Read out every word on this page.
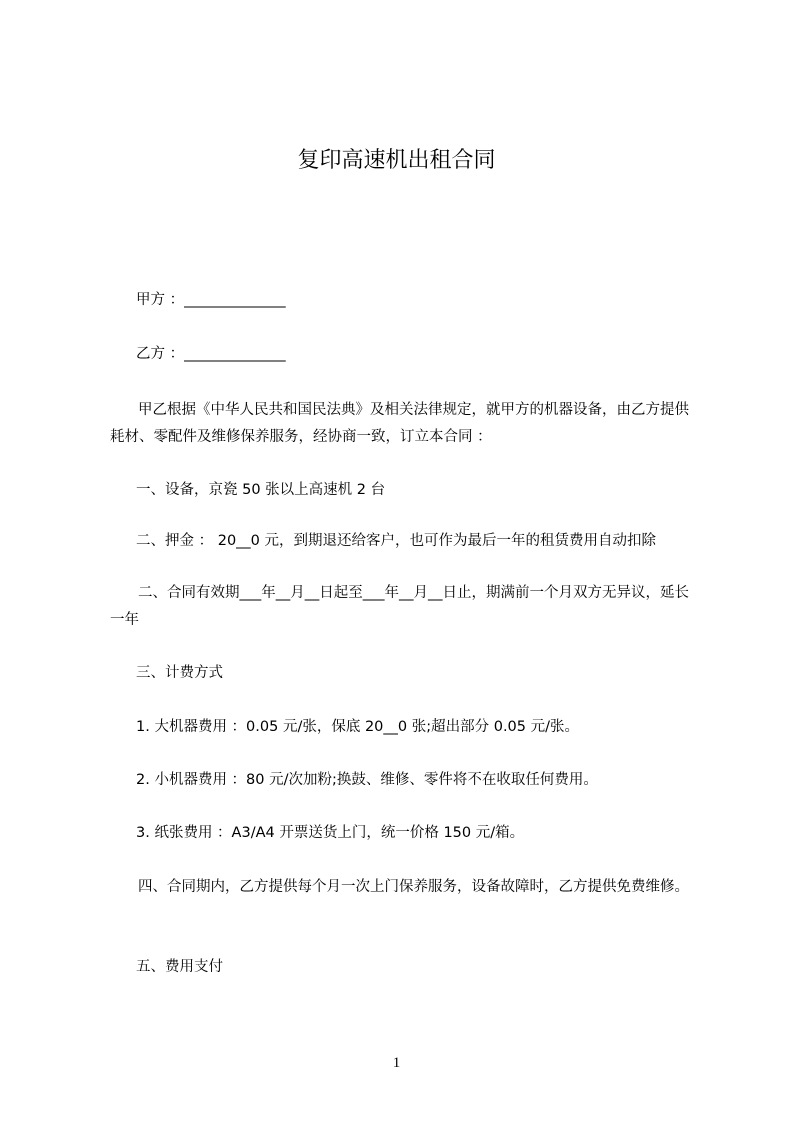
复印高速机出租合同
甲方 ：______________
乙方 ：______________
甲乙根据《中华人民共和国民法典》及相关法律规定，就甲方的机器设备，由乙方提供耗材、零配件及维修保养服务，经协商一致，订立本合同 ：
一、设备，京瓷 50 张以上高速机 2 台
二、押金 ： 20__0 元，到期退还给客户，也可作为最后一年的租赁费用自动扣除
二、合同有效期___年__月__日起至___年__月__日止，期满前一个月双方无异议，延长一年
三、计费方式
1. 大机器费用 ：0.05 元/张，保底 20__0 张;超出部分 0.05 元/张。
2. 小机器费用 ：80 元/次加粉;换鼓、维修、零件将不在收取任何费用。
3. 纸张费用 ：A3/A4 开票送货上门，统一价格 150 元/箱。
四、合同期内，乙方提供每个月一次上门保养服务，设备故障时，乙方提供免费维修。
五、费用支付
1
